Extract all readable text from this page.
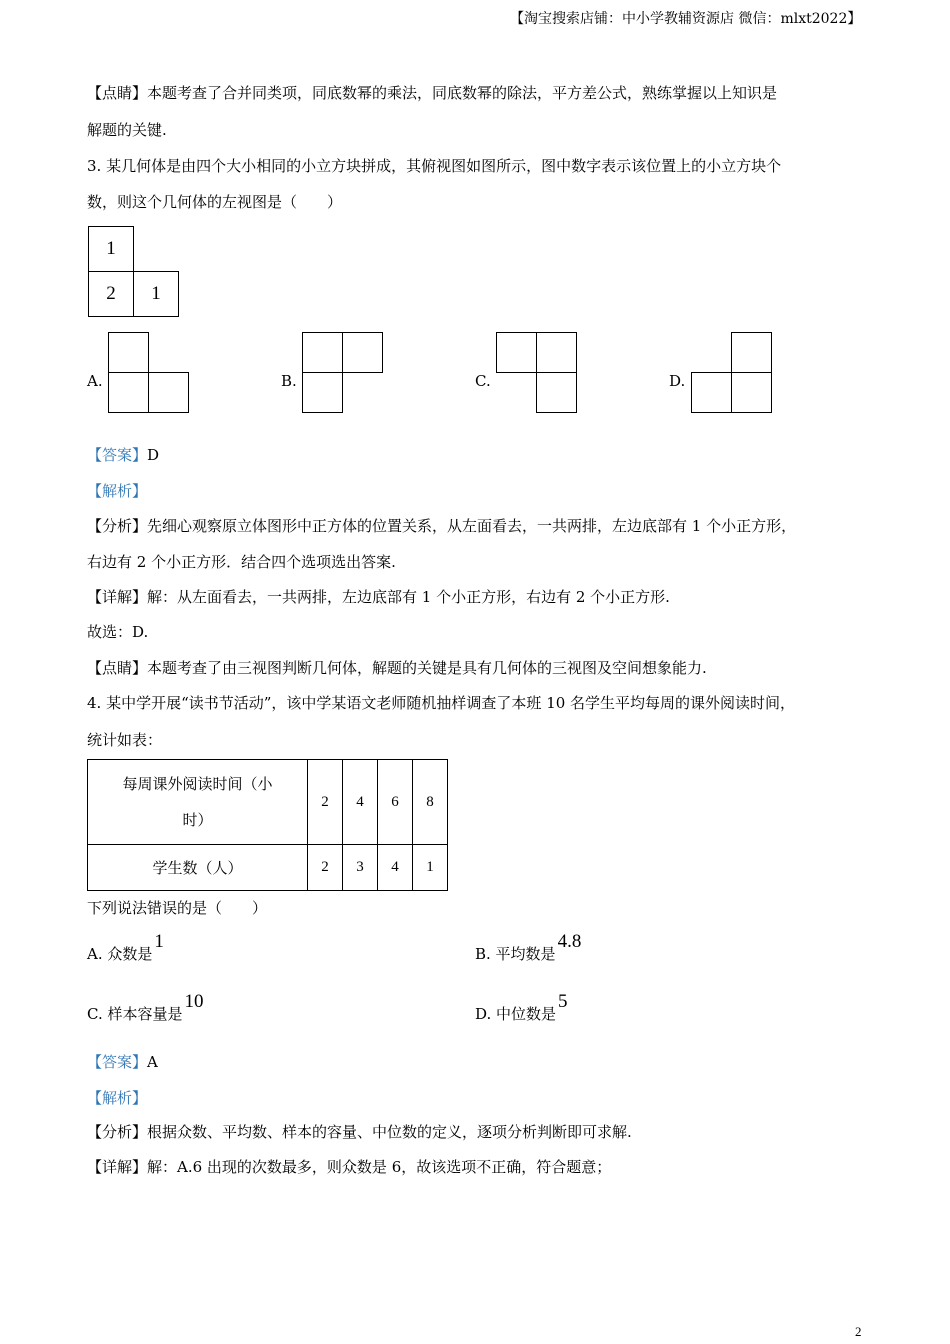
【淘宝搜索店铺：中小学教辅资源店 微信：mlxt2022】
【点睛】本题考查了合并同类项，同底数幂的乘法，同底数幂的除法，平方差公式，熟练掌握以上知识是
解题的关键.
3. 某几何体是由四个大小相同的小立方块拼成，其俯视图如图所示，图中数字表示该位置上的小立方块个
数，则这个几何体的左视图是（　　）
1
2	1
A.	B.	C.	D.
【答案】D
【解析】
【分析】先细心观察原立体图形中正方体的位置关系，从左面看去，一共两排，左边底部有 1 个小正方形，
右边有 2 个小正方形．结合四个选项选出答案.
【详解】解：从左面看去，一共两排，左边底部有 1 个小正方形，右边有 2 个小正方形.
故选：D.
【点睛】本题考查了由三视图判断几何体，解题的关键是具有几何体的三视图及空间想象能力.
4. 某中学开展“读书节活动”，该中学某语文老师随机抽样调查了本班 10 名学生平均每周的课外阅读时间，
统计如表：
每周课外阅读时间（小
时）	2	4	6	8
学生数（人）	2	3	4	1
下列说法错误的是（　　）
A. 众数是1
B. 平均数是4.8
C. 样本容量是10
D. 中位数是5
【答案】A
【解析】
【分析】根据众数、平均数、样本的容量、中位数的定义，逐项分析判断即可求解.
【详解】解：A.6 出现的次数最多，则众数是 6，故该选项不正确，符合题意；
2
